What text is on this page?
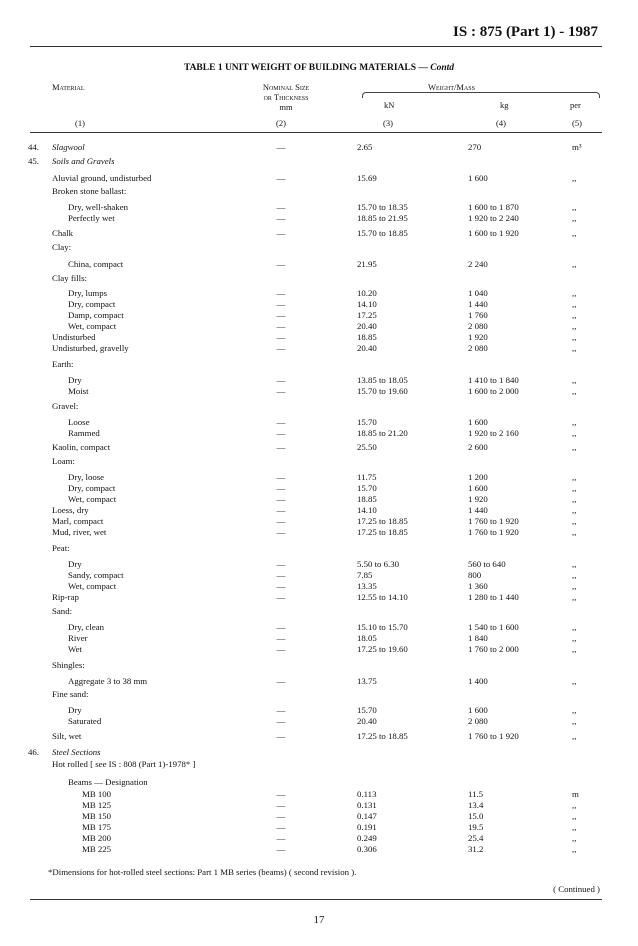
IS : 875 (Part 1) - 1987
TABLE 1 UNIT WEIGHT OF BUILDING MATERIALS — Contd
Material	Nominal Size
or Thickness
mm
Weight/Mass
kN	kg	per
(1)	(2)	(3)	(4)	(5)
44. Slagwool	—	2.65	270	m³
45. Soils and Gravels
Aluvial ground, undisturbed	—	15.69	1 600	,,
Broken stone ballast:
Dry, well-shaken	—	15.70 to 18.35	1 600 to 1 870	,,
Perfectly wet	—	18.85 to 21.95	1 920 to 2 240	,,
Chalk	—	15.70 to 18.85	1 600 to 1 920	,,
Clay:
China, compact	—	21.95	2 240	,,
Clay fills:
Dry, lumps	—	10.20	1 040	,,
Dry, compact	—	14.10	1 440	,,
Damp, compact	—	17.25	1 760	,,
Wet, compact	—	20.40	2 080	,,
Undisturbed	—	18.85	1 920	,,
Undisturbed, gravelly	—	20.40	2 080	,,
Earth:
Dry	—	13.85 to 18.05	1 410 to 1 840	,,
Moist	—	15.70 to 19.60	1 600 to 2 000	,,
Gravel:
Loose	—	15.70	1 600	,,
Rammed	—	18.85 to 21.20	1 920 to 2 160	,,
Kaolin, compact	—	25.50	2 600	,,
Loam:
Dry, loose	—	11.75	1 200	,,
Dry, compact	—	15.70	1 600	,,
Wet, compact	—	18.85	1 920	,,
Loess, dry	—	14.10	1 440	,,
Marl, compact	—	17.25 to 18.85	1 760 to 1 920	,,
Mud, river, wet	—	17.25 to 18.85	1 760 to 1 920	,,
Peat:
Dry	—	5.50 to 6.30	560 to 640	,,
Sandy, compact	—	7.85	800	,,
Wet, compact	—	13.35	1 360	,,
Rip-rap	—	12.55 to 14.10	1 280 to 1 440	,,
Sand:
Dry, clean	—	15.10 to 15.70	1 540 to 1 600	,,
River	—	18.05	1 840	,,
Wet	—	17.25 to 19.60	1 760 to 2 000	,,
Shingles:
Aggregate 3 to 38 mm	—	13.75	1 400	,,
Fine sand:
Dry	—	15.70	1 600	,,
Saturated	—	20.40	2 080	,,
Silt, wet	—	17.25 to 18.85	1 760 to 1 920	,,
46. Steel Sections
Hot rolled [ see IS : 808 (Part 1)-1978* ]
Beams — Designation
MB 100	—	0.113	11.5	m
MB 125	—	0.131	13.4	,,
MB 150	—	0.147	15.0	,,
MB 175	—	0.191	19.5	,,
MB 200	—	0.249	25.4	,,
MB 225	—	0.306	31.2	,,
*Dimensions for hot-rolled steel sections: Part 1 MB series (beams) ( second revision ).
( Continued )
17
